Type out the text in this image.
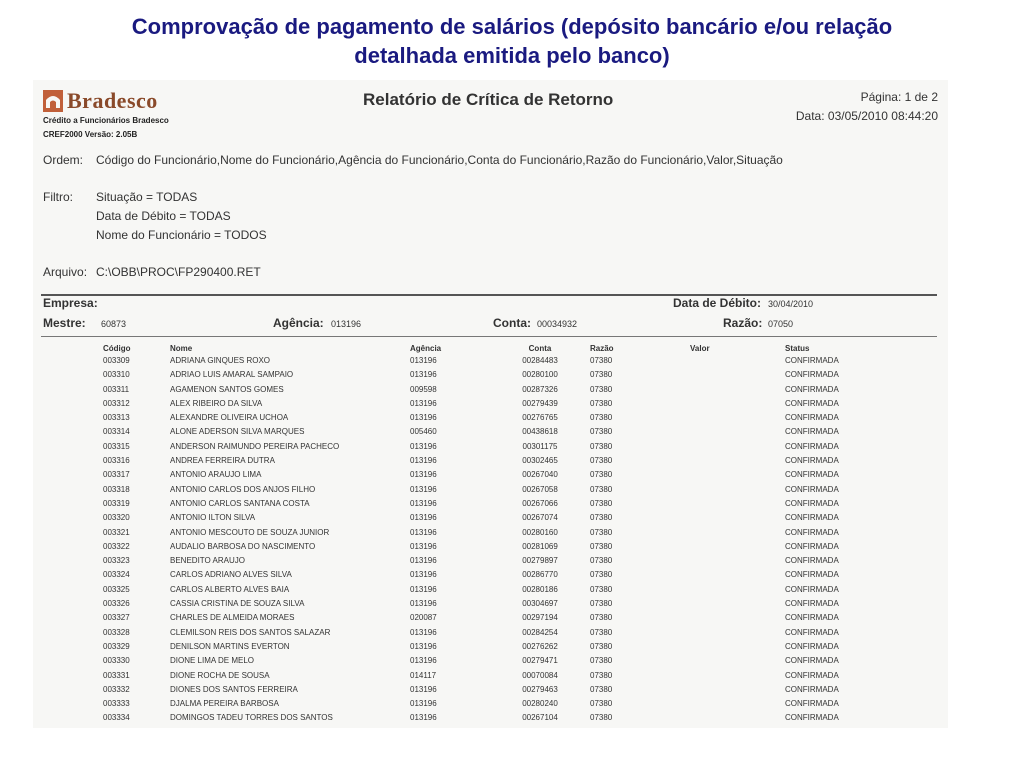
Comprovação de pagamento de salários (depósito bancário e/ou relação
detalhada emitida pelo banco)
Bradesco
Crédito a Funcionários Bradesco
CREF2000 Versão: 2.05B
Relatório de Crítica de Retorno	Página: 1 de 2
Data: 03/05/2010 08:44:20
Ordem: Código do Funcionário,Nome do Funcionário,Agência do Funcionário,Conta do Funcionário,Razão do Funcionário,Valor,Situação
Filtro: Situação = TODAS
Data de Débito = TODAS
Nome do Funcionário = TODOS
Arquivo: C:\OBB\PROC\FP290400.RET
Empresa:	Data de Débito: 30/04/2010
Mestre: 60873	Agência: 013196	Conta: 00034932	Razão: 07050
Código	Nome	Agência	Conta	Razão	Valor	Status
003309	ADRIANA GINQUES ROXO	013196	00284483	07380		CONFIRMADA
003310	ADRIAO LUIS AMARAL SAMPAIO	013196	00280100	07380		CONFIRMADA
003311	AGAMENON SANTOS GOMES	009598	00287326	07380		CONFIRMADA
003312	ALEX RIBEIRO DA SILVA	013196	00279439	07380		CONFIRMADA
003313	ALEXANDRE OLIVEIRA UCHOA	013196	00276765	07380		CONFIRMADA
003314	ALONE ADERSON SILVA MARQUES	005460	00438618	07380		CONFIRMADA
003315	ANDERSON RAIMUNDO PEREIRA PACHECO	013196	00301175	07380		CONFIRMADA
003316	ANDREA FERREIRA DUTRA	013196	00302465	07380		CONFIRMADA
003317	ANTONIO ARAUJO LIMA	013196	00267040	07380		CONFIRMADA
003318	ANTONIO CARLOS DOS ANJOS FILHO	013196	00267058	07380		CONFIRMADA
003319	ANTONIO CARLOS SANTANA COSTA	013196	00267066	07380		CONFIRMADA
003320	ANTONIO ILTON SILVA	013196	00267074	07380		CONFIRMADA
003321	ANTONIO MESCOUTO DE SOUZA JUNIOR	013196	00280160	07380		CONFIRMADA
003322	AUDALIO BARBOSA DO NASCIMENTO	013196	00281069	07380		CONFIRMADA
003323	BENEDITO ARAUJO	013196	00279897	07380		CONFIRMADA
003324	CARLOS ADRIANO ALVES SILVA	013196	00286770	07380		CONFIRMADA
003325	CARLOS ALBERTO ALVES BAIA	013196	00280186	07380		CONFIRMADA
003326	CASSIA CRISTINA DE SOUZA SILVA	013196	00304697	07380		CONFIRMADA
003327	CHARLES DE ALMEIDA MORAES	020087	00297194	07380		CONFIRMADA
003328	CLEMILSON REIS DOS SANTOS SALAZAR	013196	00284254	07380		CONFIRMADA
003329	DENILSON MARTINS EVERTON	013196	00276262	07380		CONFIRMADA
003330	DIONE LIMA DE MELO	013196	00279471	07380		CONFIRMADA
003331	DIONE ROCHA DE SOUSA	014117	00070084	07380		CONFIRMADA
003332	DIONES DOS SANTOS FERREIRA	013196	00279463	07380		CONFIRMADA
003333	DJALMA PEREIRA BARBOSA	013196	00280240	07380		CONFIRMADA
003334	DOMINGOS TADEU TORRES DOS SANTOS	013196	00267104	07380		CONFIRMADA
